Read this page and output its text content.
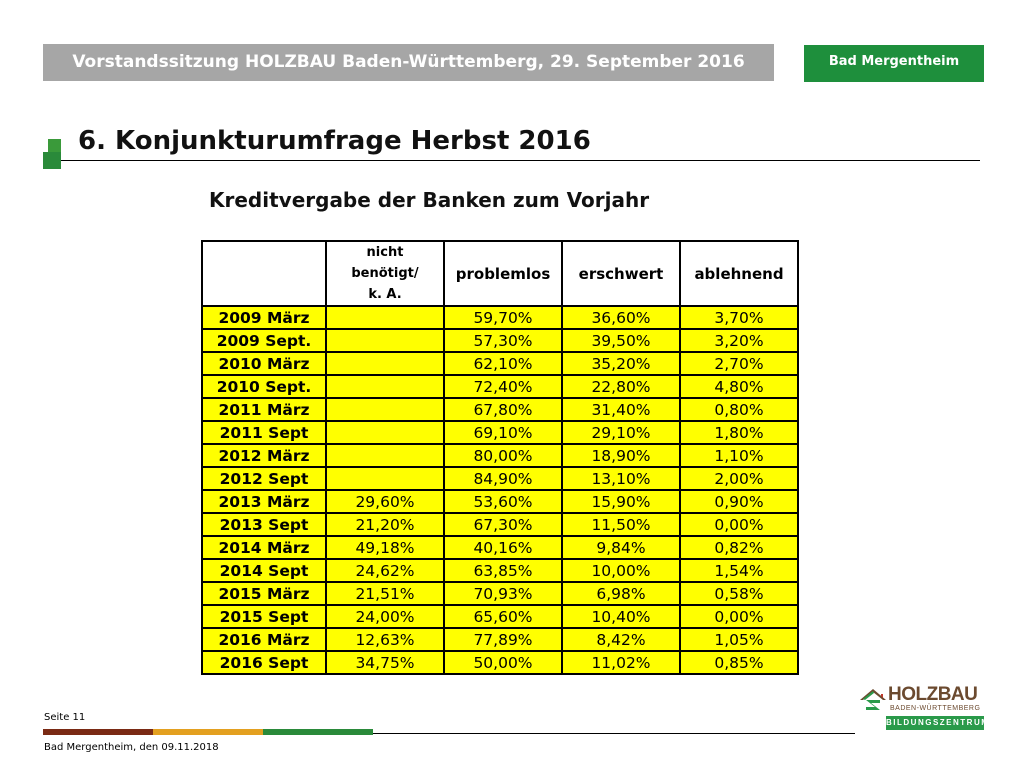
Vorstandssitzung HOLZBAU Baden-Württemberg, 29. September 2016	Bad Mergentheim
6. Konjunkturumfrage Herbst 2016
Kreditvergabe der Banken zum Vorjahr

	nicht
benötigt/
k. A.	problemlos	erschwert	ablehnend
2009 März		59,70%	36,60%	3,70%
2009 Sept.		57,30%	39,50%	3,20%
2010 März		62,10%	35,20%	2,70%
2010 Sept.		72,40%	22,80%	4,80%
2011 März		67,80%	31,40%	0,80%
2011 Sept		69,10%	29,10%	1,80%
2012 März		80,00%	18,90%	1,10%
2012 Sept		84,90%	13,10%	2,00%
2013 März	29,60%	53,60%	15,90%	0,90%
2013 Sept	21,20%	67,30%	11,50%	0,00%
2014 März	49,18%	40,16%	9,84%	0,82%
2014 Sept	24,62%	63,85%	10,00%	1,54%
2015 März	21,51%	70,93%	6,98%	0,58%
2015 Sept	24,00%	65,60%	10,40%	0,00%
2016 März	12,63%	77,89%	8,42%	1,05%
2016 Sept	34,75%	50,00%	11,02%	0,85%
Seite 11
Bad Mergentheim, den 09.11.2018
HOLZBAU
BADEN-WÜRTTEMBERG
BILDUNGSZENTRUM
